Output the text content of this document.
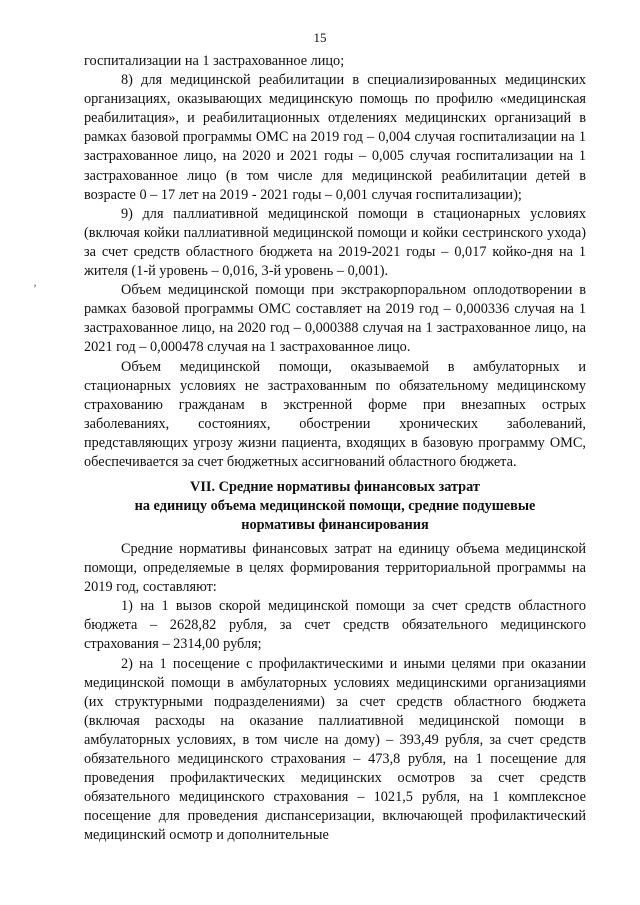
15
’

госпитализации на 1 застрахованное лицо;

8) для медицинской реабилитации в специализированных медицинских организациях, оказывающих медицинскую помощь по профилю «медицинская реабилитация», и реабилитационных отделениях медицинских организаций в рамках базовой программы ОМС на 2019 год – 0,004 случая госпитализации на 1 застрахованное лицо, на 2020 и 2021 годы – 0,005 случая госпитализации на 1 застрахованное лицо (в том числе для медицинской реабилитации детей в возрасте 0 – 17 лет на 2019 - 2021 годы – 0,001 случая госпитализации);

9) для паллиативной медицинской помощи в стационарных условиях (включая койки паллиативной медицинской помощи и койки сестринского ухода) за счет средств областного бюджета на 2019-2021 годы – 0,017 койко-дня на 1 жителя (1-й уровень – 0,016, 3-й уровень – 0,001).

Объем медицинской помощи при экстракорпоральном оплодотворении в рамках базовой программы ОМС составляет на 2019 год – 0,000336 случая на 1 застрахованное лицо, на 2020 год – 0,000388 случая на 1 застрахованное лицо, на 2021 год – 0,000478 случая на 1 застрахованное лицо.

Объем медицинской помощи, оказываемой в амбулаторных и стационарных условиях не застрахованным по обязательному медицинскому страхованию гражданам в экстренной форме при внезапных острых заболеваниях, состояниях, обострении хронических заболеваний, представляющих угрозу жизни пациента, входящих в базовую программу ОМС, обеспечивается за счет бюджетных ассигнований областного бюджета.

VII. Средние нормативы финансовых затрат
на единицу объема медицинской помощи, средние подушевые
нормативы финансирования

Средние нормативы финансовых затрат на единицу объема медицинской помощи, определяемые в целях формирования территориальной программы на 2019 год, составляют:

1) на 1 вызов скорой медицинской помощи за счет средств областного бюджета – 2628,82 рубля, за счет средств обязательного медицинского страхования – 2314,00 рубля;

2) на 1 посещение с профилактическими и иными целями при оказании медицинской помощи в амбулаторных условиях медицинскими организациями (их структурными подразделениями) за счет средств областного бюджета (включая расходы на оказание паллиативной медицинской помощи в амбулаторных условиях, в том числе на дому) – 393,49 рубля, за счет средств обязательного медицинского страхования – 473,8 рубля, на 1 посещение для проведения профилактических медицинских осмотров за счет средств обязательного медицинского страхования – 1021,5 рубля, на 1 комплексное посещение для проведения диспансеризации, включающей профилактический медицинский осмотр и дополнительные
